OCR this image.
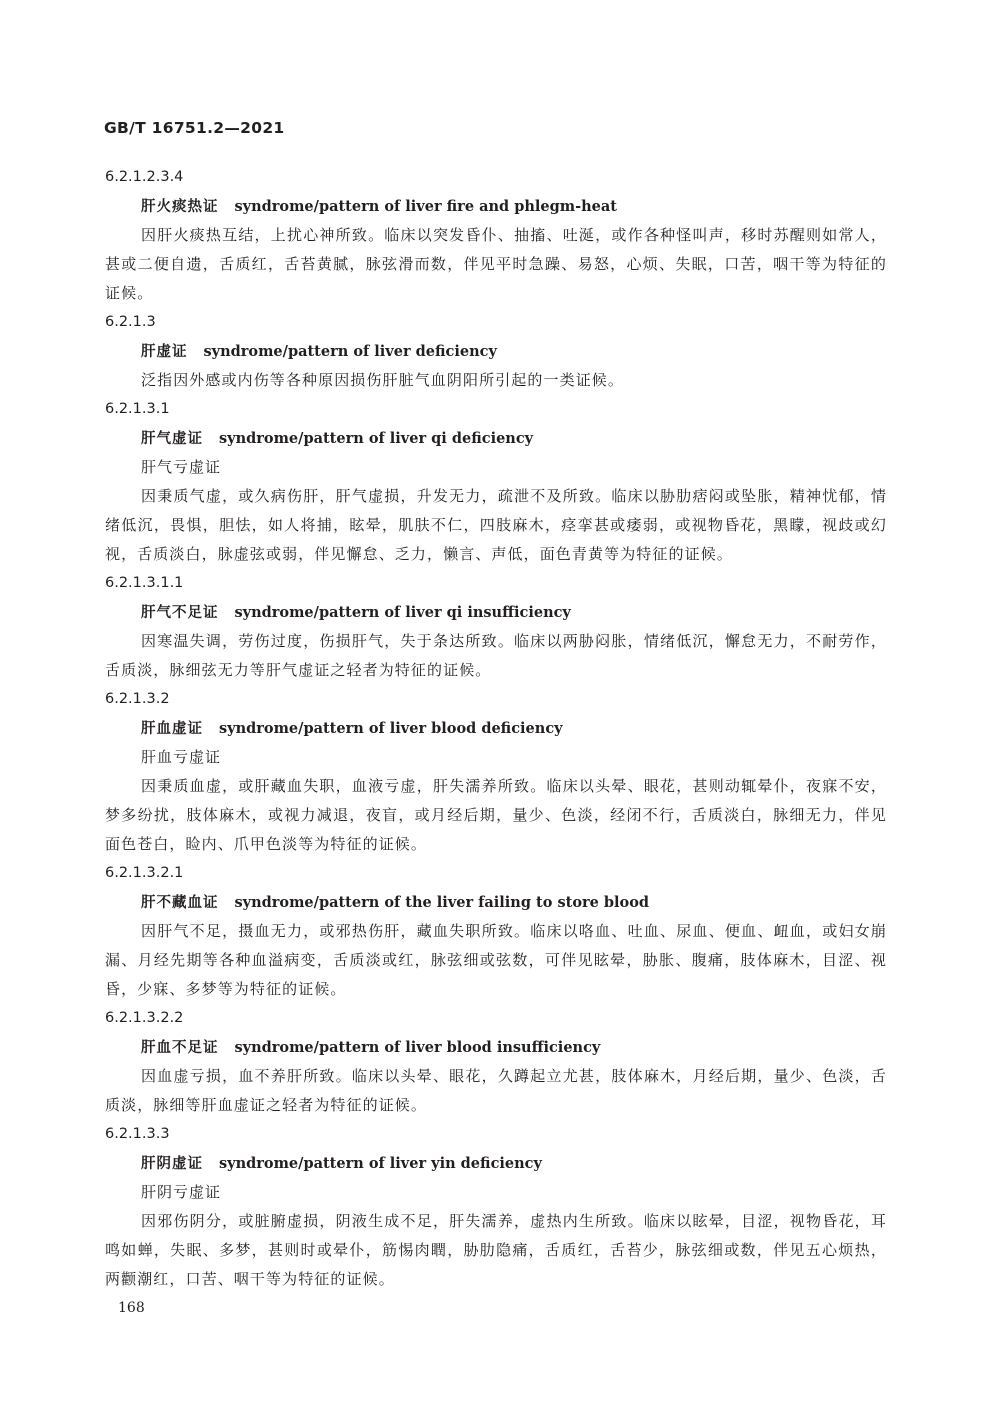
GB/T 16751.2—2021
6.2.1.2.3.4
肝火痰热证 syndrome/pattern of liver fire and phlegm-heat

因肝火痰热互结，上扰心神所致。临床以突发昏仆、抽搐、吐涎，或作各种怪叫声，移时苏醒则如常人，甚或二便自遗，舌质红，舌苔黄腻，脉弦滑而数，伴见平时急躁、易怒，心烦、失眠，口苦，咽干等为特征的证候。

6.2.1.3
肝虚证 syndrome/pattern of liver deficiency

泛指因外感或内伤等各种原因损伤肝脏气血阴阳所引起的一类证候。

6.2.1.3.1
肝气虚证 syndrome/pattern of liver qi deficiency
肝气亏虚证

因秉质气虚，或久病伤肝，肝气虚损，升发无力，疏泄不及所致。临床以胁肋痞闷或坠胀，精神忧郁，情绪低沉，畏惧，胆怯，如人将捕，眩晕，肌肤不仁，四肢麻木，痉挛甚或痿弱，或视物昏花，黑矇，视歧或幻视，舌质淡白，脉虚弦或弱，伴见懈怠、乏力，懒言、声低，面色青黄等为特征的证候。

6.2.1.3.1.1
肝气不足证 syndrome/pattern of liver qi insufficiency

因寒温失调，劳伤过度，伤损肝气，失于条达所致。临床以两胁闷胀，情绪低沉，懈怠无力，不耐劳作，舌质淡，脉细弦无力等肝气虚证之轻者为特征的证候。

6.2.1.3.2
肝血虚证 syndrome/pattern of liver blood deficiency
肝血亏虚证

因秉质血虚，或肝藏血失职，血液亏虚，肝失濡养所致。临床以头晕、眼花，甚则动辄晕仆，夜寐不安，梦多纷扰，肢体麻木，或视力减退，夜盲，或月经后期，量少、色淡，经闭不行，舌质淡白，脉细无力，伴见面色苍白，睑内、爪甲色淡等为特征的证候。

6.2.1.3.2.1
肝不藏血证 syndrome/pattern of the liver failing to store blood

因肝气不足，摄血无力，或邪热伤肝，藏血失职所致。临床以咯血、吐血、尿血、便血、衄血，或妇女崩漏、月经先期等各种血溢病变，舌质淡或红，脉弦细或弦数，可伴见眩晕，胁胀、腹痛，肢体麻木，目涩、视昏，少寐、多梦等为特征的证候。

6.2.1.3.2.2
肝血不足证 syndrome/pattern of liver blood insufficiency

因血虚亏损，血不养肝所致。临床以头晕、眼花，久蹲起立尤甚，肢体麻木，月经后期，量少、色淡，舌质淡，脉细等肝血虚证之轻者为特征的证候。

6.2.1.3.3
肝阴虚证 syndrome/pattern of liver yin deficiency
肝阴亏虚证

因邪伤阴分，或脏腑虚损，阴液生成不足，肝失濡养，虚热内生所致。临床以眩晕，目涩，视物昏花，耳鸣如蝉，失眠、多梦，甚则时或晕仆，筋惕肉瞤，胁肋隐痛，舌质红，舌苔少，脉弦细或数，伴见五心烦热，两颧潮红，口苦、咽干等为特征的证候。

168
